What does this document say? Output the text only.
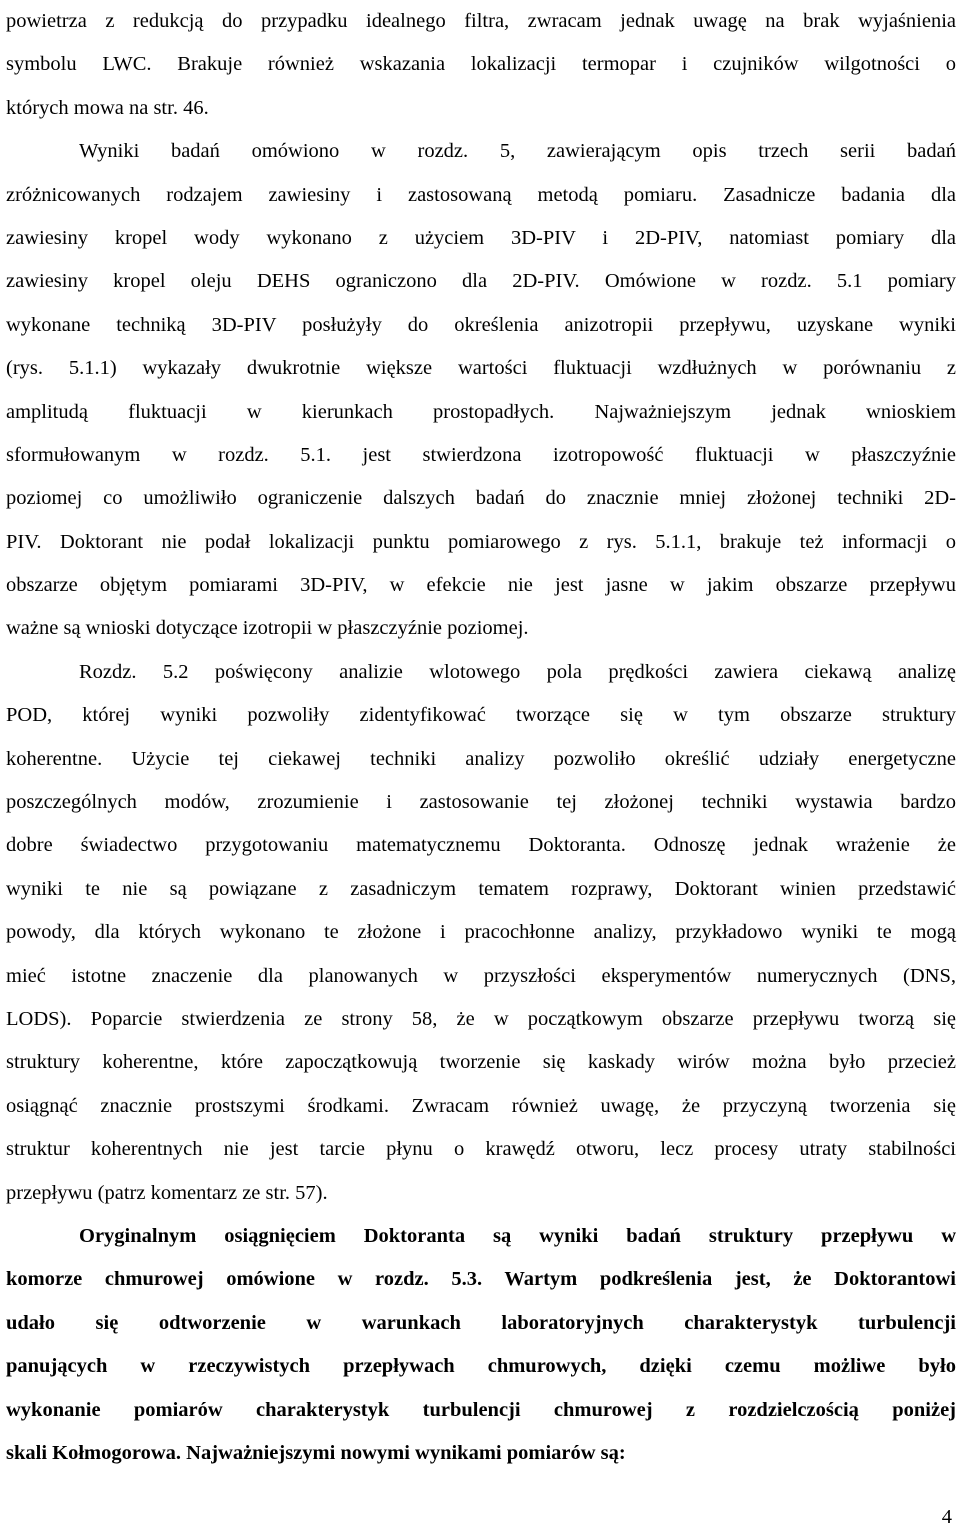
powietrza z redukcją do przypadku idealnego filtra, zwracam jednak uwagę na brak wyjaśnienia
symbolu LWC. Brakuje również wskazania lokalizacji termopar i czujników wilgotności o
których mowa na str. 46.
Wyniki badań omówiono w rozdz. 5, zawierającym opis trzech serii badań
zróżnicowanych rodzajem zawiesiny i zastosowaną metodą pomiaru. Zasadnicze badania dla
zawiesiny kropel wody wykonano z użyciem 3D-PIV i 2D-PIV, natomiast pomiary dla
zawiesiny kropel oleju DEHS ograniczono dla 2D-PIV. Omówione w rozdz. 5.1 pomiary
wykonane techniką 3D-PIV posłużyły do określenia anizotropii przepływu, uzyskane wyniki
(rys. 5.1.1) wykazały dwukrotnie większe wartości fluktuacji wzdłużnych w porównaniu z
amplitudą fluktuacji w kierunkach prostopadłych. Najważniejszym jednak wnioskiem
sformułowanym w rozdz. 5.1. jest stwierdzona izotropowość fluktuacji w płaszczyźnie
poziomej co umożliwiło ograniczenie dalszych badań do znacznie mniej złożonej techniki 2D-
PIV. Doktorant nie podał lokalizacji punktu pomiarowego z rys. 5.1.1, brakuje też informacji o
obszarze objętym pomiarami 3D-PIV, w efekcie nie jest jasne w jakim obszarze przepływu
ważne są wnioski dotyczące izotropii w płaszczyźnie poziomej.
Rozdz. 5.2 poświęcony analizie wlotowego pola prędkości zawiera ciekawą analizę
POD, której wyniki pozwoliły zidentyfikować tworzące się w tym obszarze struktury
koherentne. Użycie tej ciekawej techniki analizy pozwoliło określić udziały energetyczne
poszczególnych modów, zrozumienie i zastosowanie tej złożonej techniki wystawia bardzo
dobre świadectwo przygotowaniu matematycznemu Doktoranta. Odnoszę jednak wrażenie że
wyniki te nie są powiązane z zasadniczym tematem rozprawy, Doktorant winien przedstawić
powody, dla których wykonano te złożone i pracochłonne analizy, przykładowo wyniki te mogą
mieć istotne znaczenie dla planowanych w przyszłości eksperymentów numerycznych (DNS,
LODS). Poparcie stwierdzenia ze strony 58, że w początkowym obszarze przepływu tworzą się
struktury koherentne, które zapoczątkowują tworzenie się kaskady wirów można było przecież
osiągnąć znacznie prostszymi środkami. Zwracam również uwagę, że przyczyną tworzenia się
struktur koherentnych nie jest tarcie płynu o krawędź otworu, lecz procesy utraty stabilności
przepływu (patrz komentarz ze str. 57).
Oryginalnym osiągnięciem Doktoranta są wyniki badań struktury przepływu w
komorze chmurowej omówione w rozdz. 5.3. Wartym podkreślenia jest, że Doktorantowi
udało się odtworzenie w warunkach laboratoryjnych charakterystyk turbulencji
panujących w rzeczywistych przepływach chmurowych, dzięki czemu możliwe było
wykonanie pomiarów charakterystyk turbulencji chmurowej z rozdzielczością poniżej
skali Kołmogorowa. Najważniejszymi nowymi wynikami pomiarów są:
4
